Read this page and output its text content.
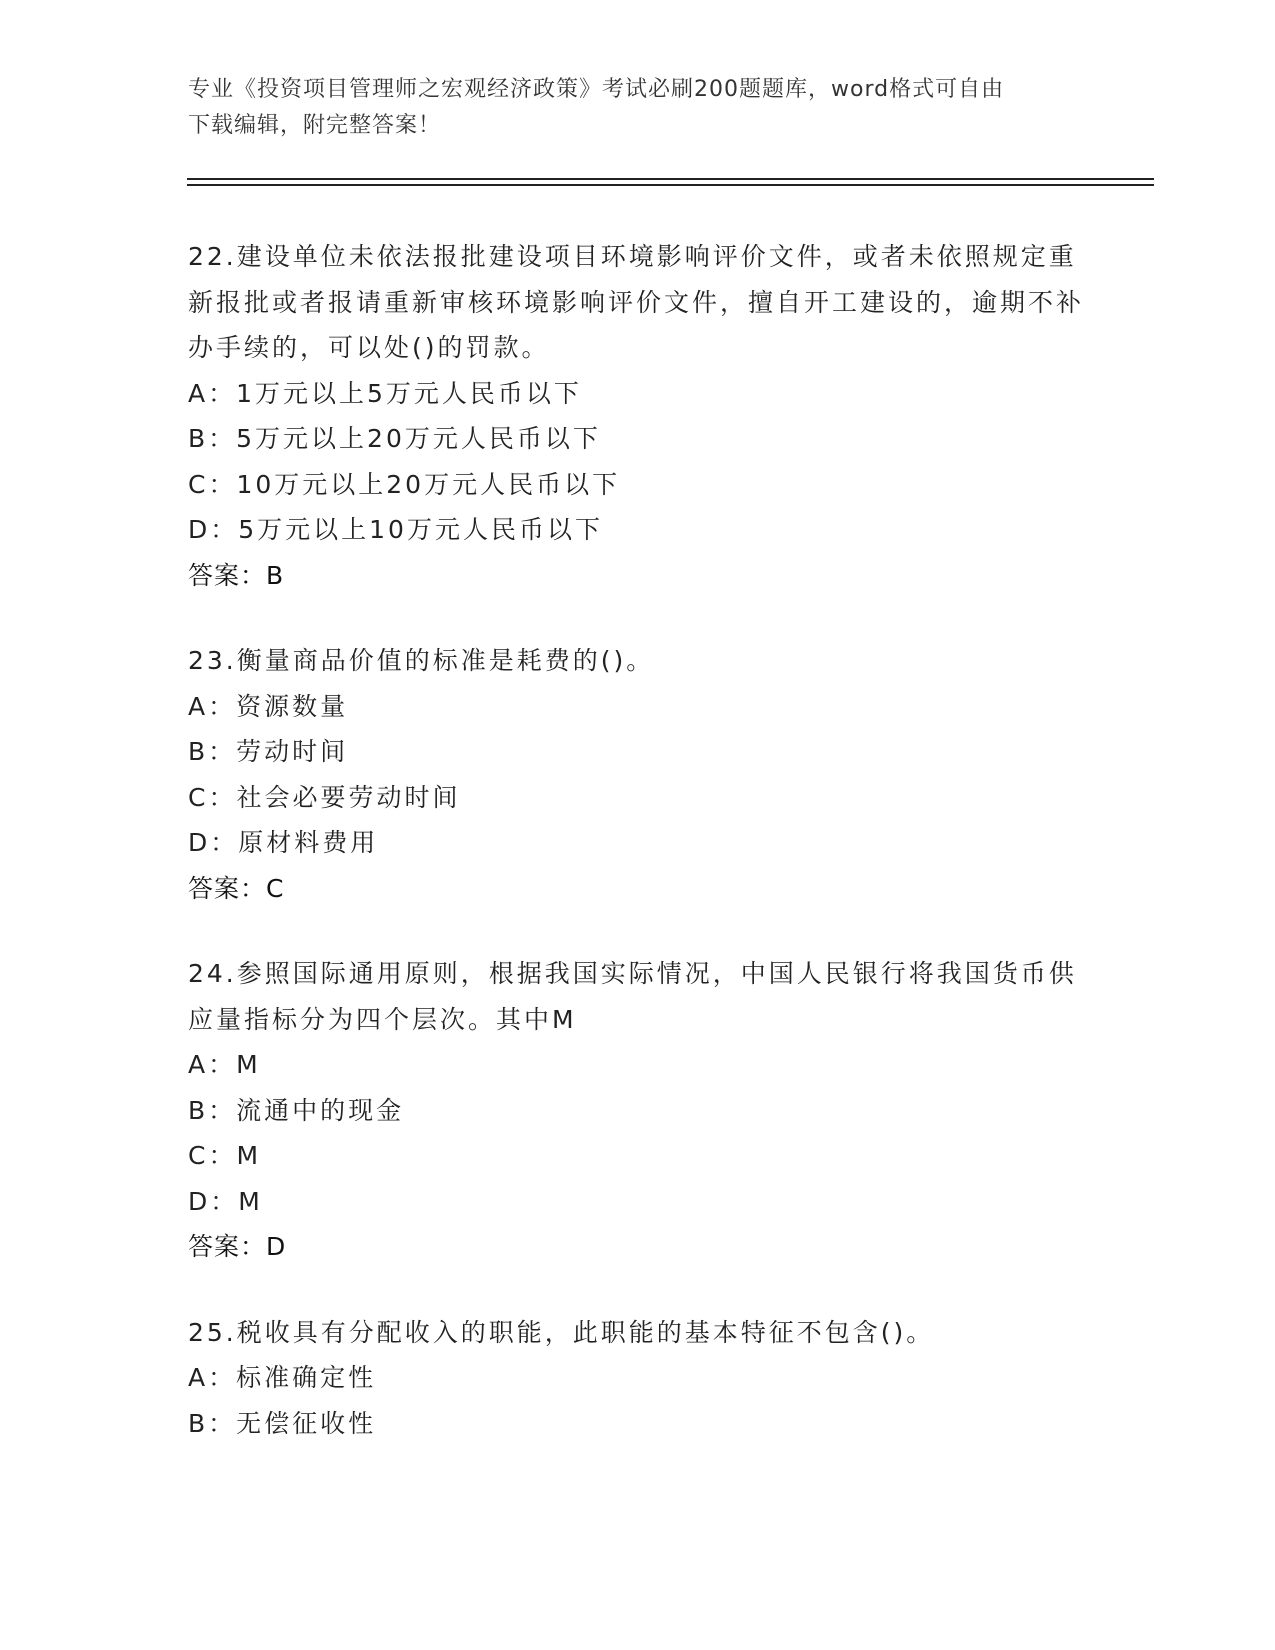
专业《投资项目管理师之宏观经济政策》考试必刷200题题库，word格式可自由
下载编辑，附完整答案！

22.建设单位未依法报批建设项目环境影响评价文件，或者未依照规定重新报批或者报请重新审核环境影响评价文件，擅自开工建设的，逾期不补办手续的，可以处()的罚款。

A：1万元以上5万元人民币以下

B：5万元以上20万元人民币以下

C：10万元以上20万元人民币以下

D：5万元以上10万元人民币以下

答案：B

23.衡量商品价值的标准是耗费的()。

A：资源数量

B：劳动时间

C：社会必要劳动时间

D：原材料费用

答案：C

24.参照国际通用原则，根据我国实际情况，中国人民银行将我国货币供应量指标分为四个层次。其中M

A：M

B：流通中的现金

C：M

D：M

答案：D

25.税收具有分配收入的职能，此职能的基本特征不包含()。

A：标准确定性

B：无偿征收性
